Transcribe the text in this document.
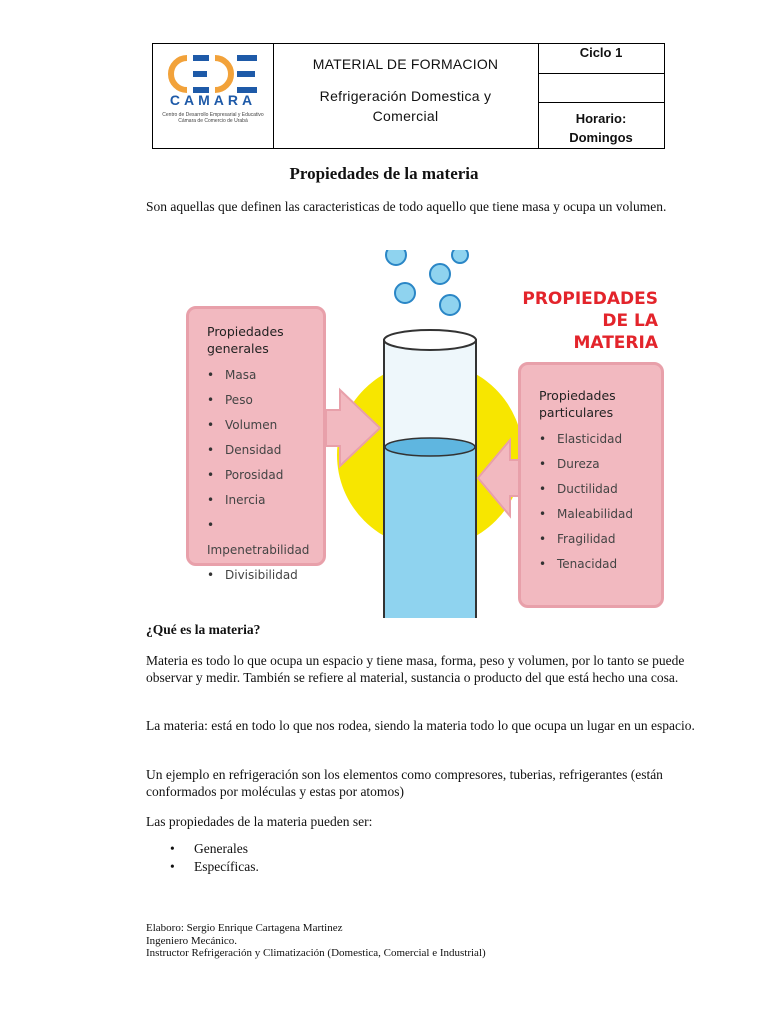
CAMARA
Centro de Desarrollo Empresarial y Educativo
Cámara de Comercio de Urabá
MATERIAL DE FORMACION
Refrigeración Domestica y Comercial
Ciclo 1
Horario:
Domingos
Propiedades de la materia
Son aquellas que definen las caracteristicas de todo aquello que tiene masa y ocupa un volumen.
PROPIEDADES
DE LA
MATERIA
Propiedades generales
• Masa
• Peso
• Volumen
• Densidad
• Porosidad
• Inercia
• Impenetrabilidad
• Divisibilidad
Propiedades particulares
• Elasticidad
• Dureza
• Ductilidad
• Maleabilidad
• Fragilidad
• Tenacidad
¿Qué es la materia?
Materia es todo lo que ocupa un espacio y tiene masa, forma, peso y volumen, por lo tanto se puede observar y medir. También se refiere al material, sustancia o producto del que está hecho una cosa.
La materia: está en todo lo que nos rodea, siendo la materia todo lo que ocupa un lugar en un espacio.
Un ejemplo en refrigeración son los elementos como compresores, tuberias, refrigerantes (están conformados por moléculas y estas por atomos)
Las propiedades de la materia pueden ser:
• Generales
• Específicas.
Elaboro: Sergio Enrique Cartagena Martinez
Ingeniero Mecánico.
Instructor Refrigeración y Climatización (Domestica, Comercial e Industrial)
